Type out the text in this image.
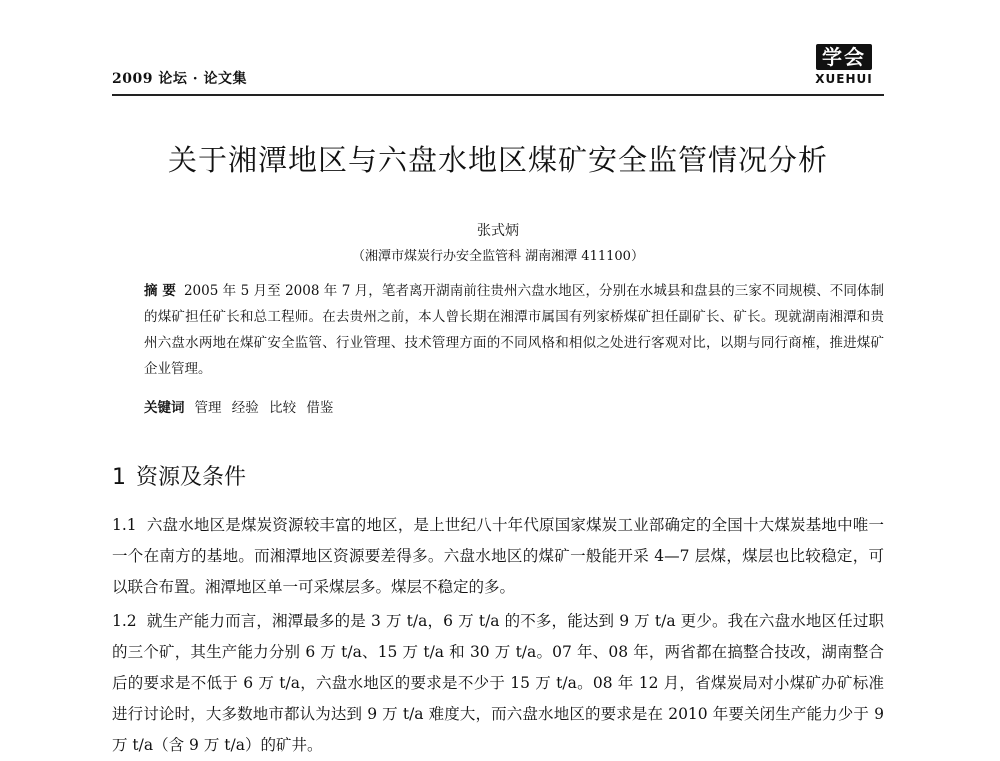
2009 论坛 · 论文集
学会
XUEHUI
关于湘潭地区与六盘水地区煤矿安全监管情况分析
张式炳
（湘潭市煤炭行办安全监管科 湖南湘潭 411100）
摘 要 2005 年 5 月至 2008 年 7 月，笔者离开湖南前往贵州六盘水地区，分别在水城县和盘县的三家不同规模、不同体制的煤矿担任矿长和总工程师。在去贵州之前，本人曾长期在湘潭市属国有列家桥煤矿担任副矿长、矿长。现就湖南湘潭和贵州六盘水两地在煤矿安全监管、行业管理、技术管理方面的不同风格和相似之处进行客观对比，以期与同行商榷，推进煤矿企业管理。
关键词 管理 经验 比较 借鉴
1 资源及条件
1.1 六盘水地区是煤炭资源较丰富的地区，是上世纪八十年代原国家煤炭工业部确定的全国十大煤炭基地中唯一一个在南方的基地。而湘潭地区资源要差得多。六盘水地区的煤矿一般能开采 4—7 层煤，煤层也比较稳定，可以联合布置。湘潭地区单一可采煤层多。煤层不稳定的多。
1.2 就生产能力而言，湘潭最多的是 3 万 t/a，6 万 t/a 的不多，能达到 9 万 t/a 更少。我在六盘水地区任过职的三个矿，其生产能力分别 6 万 t/a、15 万 t/a 和 30 万 t/a。07 年、08 年，两省都在搞整合技改，湖南整合后的要求是不低于 6 万 t/a，六盘水地区的要求是不少于 15 万 t/a。08 年 12 月，省煤炭局对小煤矿办矿标准进行讨论时，大多数地市都认为达到 9 万 t/a 难度大，而六盘水地区的要求是在 2010 年要关闭生产能力少于 9 万 t/a（含 9 万 t/a）的矿井。
